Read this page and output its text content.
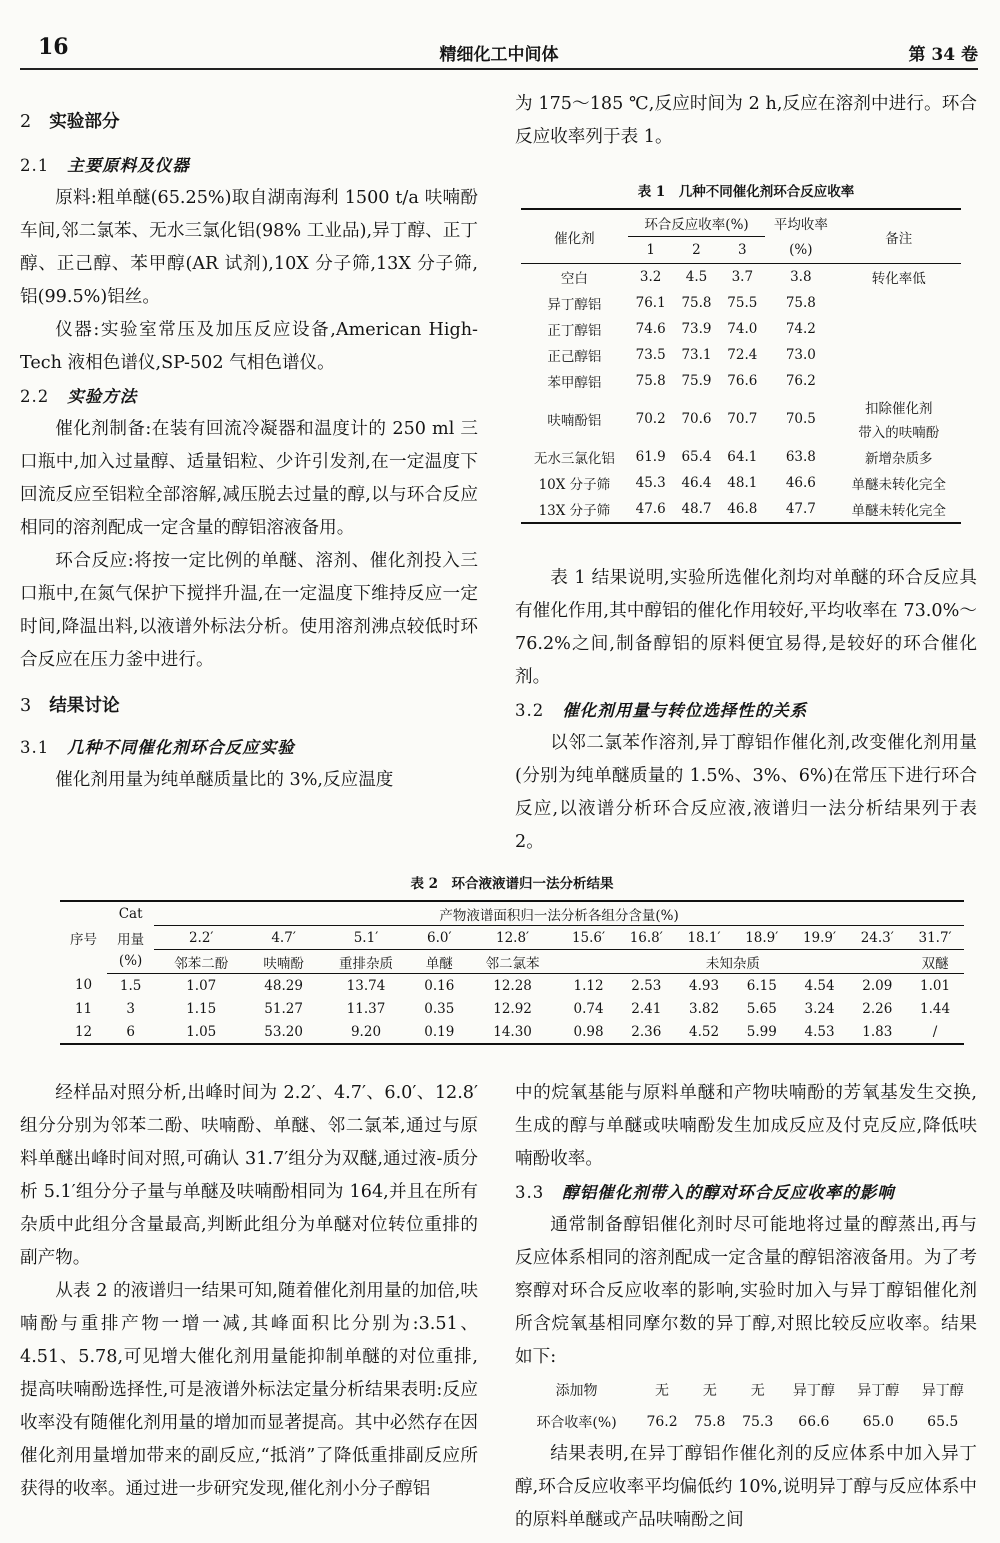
16	精细化工中间体	第 34 卷
2 实验部分
2.1 主要原料及仪器

原料:粗单醚(65.25%)取自湖南海利 1500 t/a 呋喃酚车间,邻二氯苯、无水三氯化铝(98% 工业品),异丁醇、正丁醇、正己醇、苯甲醇(AR 试剂),10X 分子筛,13X 分子筛,铝(99.5%)铝丝。

仪器:实验室常压及加压反应设备,American High-Tech 液相色谱仪,SP-502 气相色谱仪。

2.2 实验方法

催化剂制备:在装有回流冷凝器和温度计的 250 ml 三口瓶中,加入过量醇、适量铝粒、少许引发剂,在一定温度下回流反应至铝粒全部溶解,减压脱去过量的醇,以与环合反应相同的溶剂配成一定含量的醇铝溶液备用。

环合反应:将按一定比例的单醚、溶剂、催化剂投入三口瓶中,在氮气保护下搅拌升温,在一定温度下维持反应一定时间,降温出料,以液谱外标法分析。使用溶剂沸点较低时环合反应在压力釜中进行。

3 结果讨论
3.1 几种不同催化剂环合反应实验

催化剂用量为纯单醚质量比的 3%,反应温度

为 175～185 ℃,反应时间为 2 h,反应在溶剂中进行。环合反应收率列于表 1。

表 1　几种不同催化剂环合反应收率
催化剂	环合反应收率(%)			平均收率	备注
	1	2	3	(%)	
空白	3.2	4.5	3.7	3.8	转化率低

异丁醇铝	76.1	75.8	75.5	75.8	

正丁醇铝	74.6	73.9	74.0	74.2	

正己醇铝	73.5	73.1	72.4	73.0	

苯甲醇铝	75.8	75.9	76.6	76.2	

呋喃酚铝	70.2	70.6	70.7	70.5	扣除催化剂
带入的呋喃酚

无水三氯化铝	61.9	65.4	64.1	63.8	新增杂质多

10X 分子筛	45.3	46.4	48.1	46.6	单醚未转化完全

13X 分子筛	47.6	48.7	46.8	47.7	单醚未转化完全

表 1 结果说明,实验所选催化剂均对单醚的环合反应具有催化作用,其中醇铝的催化作用较好,平均收率在 73.0%～76.2%之间,制备醇铝的原料便宜易得,是较好的环合催化剂。

3.2 催化剂用量与转位选择性的关系

以邻二氯苯作溶剂,异丁醇铝作催化剂,改变催化剂用量(分别为纯单醚质量的 1.5%、3%、6%)在常压下进行环合反应,以液谱分析环合反应液,液谱归一法分析结果列于表 2。

表 2　环合液液谱归一法分析结果
序号	Cat	产物液谱面积归一法分析各组分含量(%)											
	用量	2.2′	4.7′	5.1′	6.0′	12.8′	15.6′	16.8′	18.1′	18.9′	19.9′	24.3′	31.7′
	(%)	邻苯二酚	呋喃酚	重排杂质	单醚	邻二氯苯	未知杂质						双醚
10	1.5	1.07	48.29	13.74	0.16	12.28	1.12	2.53	4.93	6.15	4.54	2.09	1.01
11	3	1.15	51.27	11.37	0.35	12.92	0.74	2.41	3.82	5.65	3.24	2.26	1.44
12	6	1.05	53.20	9.20	0.19	14.30	0.98	2.36	4.52	5.99	4.53	1.83	/

经样品对照分析,出峰时间为 2.2′、4.7′、6.0′、12.8′组分分别为邻苯二酚、呋喃酚、单醚、邻二氯苯,通过与原料单醚出峰时间对照,可确认 31.7′组分为双醚,通过液-质分析 5.1′组分分子量与单醚及呋喃酚相同为 164,并且在所有杂质中此组分含量最高,判断此组分为单醚对位转位重排的副产物。

从表 2 的液谱归一结果可知,随着催化剂用量的加倍,呋喃酚与重排产物一增一减,其峰面积比分别为:3.51、4.51、5.78,可见增大催化剂用量能抑制单醚的对位重排,提高呋喃酚选择性,可是液谱外标法定量分析结果表明:反应收率没有随催化剂用量的增加而显著提高。其中必然存在因催化剂用量增加带来的副反应,“抵消”了降低重排副反应所获得的收率。通过进一步研究发现,催化剂小分子醇铝

中的烷氧基能与原料单醚和产物呋喃酚的芳氧基发生交换,生成的醇与单醚或呋喃酚发生加成反应及付克反应,降低呋喃酚收率。

3.3 醇铝催化剂带入的醇对环合反应收率的影响

通常制备醇铝催化剂时尽可能地将过量的醇蒸出,再与反应体系相同的溶剂配成一定含量的醇铝溶液备用。为了考察醇对环合反应收率的影响,实验时加入与异丁醇铝催化剂所含烷氧基相同摩尔数的异丁醇,对照比较反应收率。结果如下:

添加物	无	无	无	异丁醇	异丁醇	异丁醇
环合收率(%)	76.2	75.8	75.3	66.6	65.0	65.5

结果表明,在异丁醇铝作催化剂的反应体系中加入异丁醇,环合反应收率平均偏低约 10%,说明异丁醇与反应体系中的原料单醚或产品呋喃酚之间
